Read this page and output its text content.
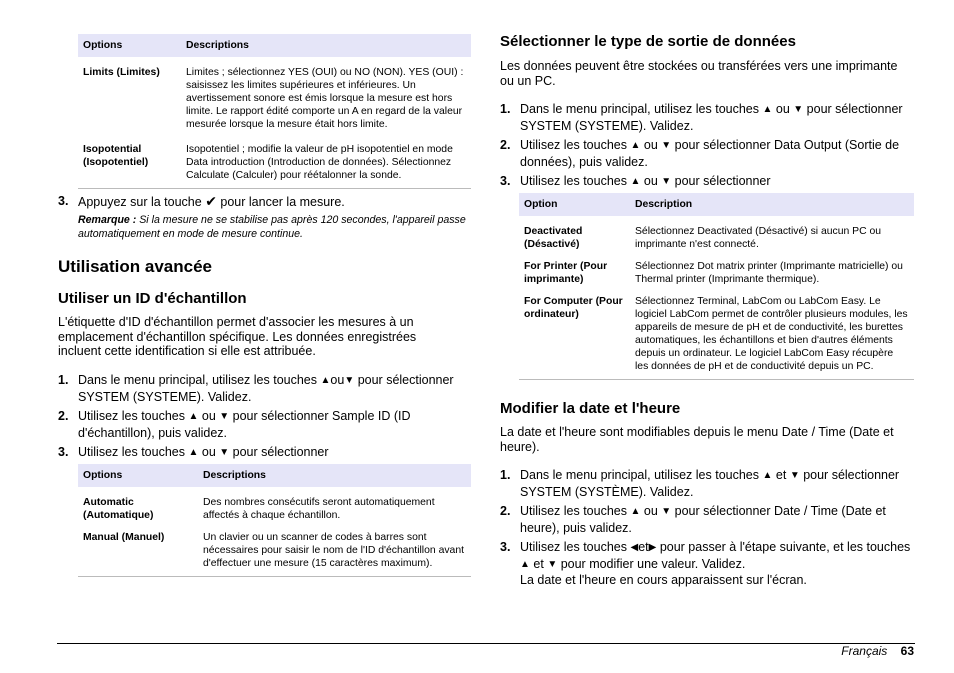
Options	Descriptions
Limits (Limites)	Limites ; sélectionnez YES (OUI) ou NO (NON). YES (OUI) : saisissez les limites supérieures et inférieures. Un avertissement sonore est émis lorsque la mesure est hors limite. Le rapport édité comporte un A en regard de la valeur mesurée lorsque la mesure était hors limite.
Isopotential (Isopotentiel)	Isopotentiel ; modifie la valeur de pH isopotentiel en mode Data introduction (Introduction de données). Sélectionnez Calculate (Calculer) pour réétalonner la sonde.
3. Appuyez sur la touche ✔ pour lancer la mesure.
Remarque : Si la mesure ne se stabilise pas après 120 secondes, l'appareil passe automatiquement en mode de mesure continue.
Utilisation avancée
Utiliser un ID d'échantillon

L'étiquette d'ID d'échantillon permet d'associer les mesures à un emplacement d'échantillon spécifique. Les données enregistrées incluent cette identification si elle est attribuée.

1. Dans le menu principal, utilisez les touches ▲ou▼ pour sélectionner SYSTEM (SYSTEME). Validez.
2. Utilisez les touches ▲ ou ▼ pour sélectionner Sample ID (ID d'échantillon), puis validez.
3. Utilisez les touches ▲ ou ▼ pour sélectionner
Options	Descriptions
Automatic (Automatique)	Des nombres consécutifs seront automatiquement affectés à chaque échantillon.
Manual (Manuel)	Un clavier ou un scanner de codes à barres sont nécessaires pour saisir le nom de l'ID d'échantillon avant d'effectuer une mesure (15 caractères maximum).
Sélectionner le type de sortie de données

Les données peuvent être stockées ou transférées vers une imprimante ou un PC.

1. Dans le menu principal, utilisez les touches ▲ ou ▼ pour sélectionner SYSTEM (SYSTEME). Validez.
2. Utilisez les touches ▲ ou ▼ pour sélectionner Data Output (Sortie de données), puis validez.
3. Utilisez les touches ▲ ou ▼ pour sélectionner
Option	Description
Deactivated (Désactivé)	Sélectionnez Deactivated (Désactivé) si aucun PC ou imprimante n'est connecté.
For Printer (Pour imprimante)	Sélectionnez Dot matrix printer (Imprimante matricielle) ou Thermal printer (Imprimante thermique).
For Computer (Pour ordinateur)	Sélectionnez Terminal, LabCom ou LabCom Easy. Le logiciel LabCom permet de contrôler plusieurs modules, les appareils de mesure de pH et de conductivité, les burettes automatiques, les échantillons et bien d'autres éléments depuis un ordinateur. Le logiciel LabCom Easy récupère les données de pH et de conductivité depuis un PC.
Modifier la date et l'heure

La date et l'heure sont modifiables depuis le menu Date / Time (Date et heure).

1. Dans le menu principal, utilisez les touches ▲ et ▼ pour sélectionner SYSTEM (SYSTÈME). Validez.
2. Utilisez les touches ▲ ou ▼ pour sélectionner Date / Time (Date et heure), puis validez.
3. Utilisez les touches ◀et▶ pour passer à l'étape suivante, et les touches ▲ et ▼ pour modifier une valeur. Validez.
La date et l'heure en cours apparaissent sur l'écran.
Français 63
